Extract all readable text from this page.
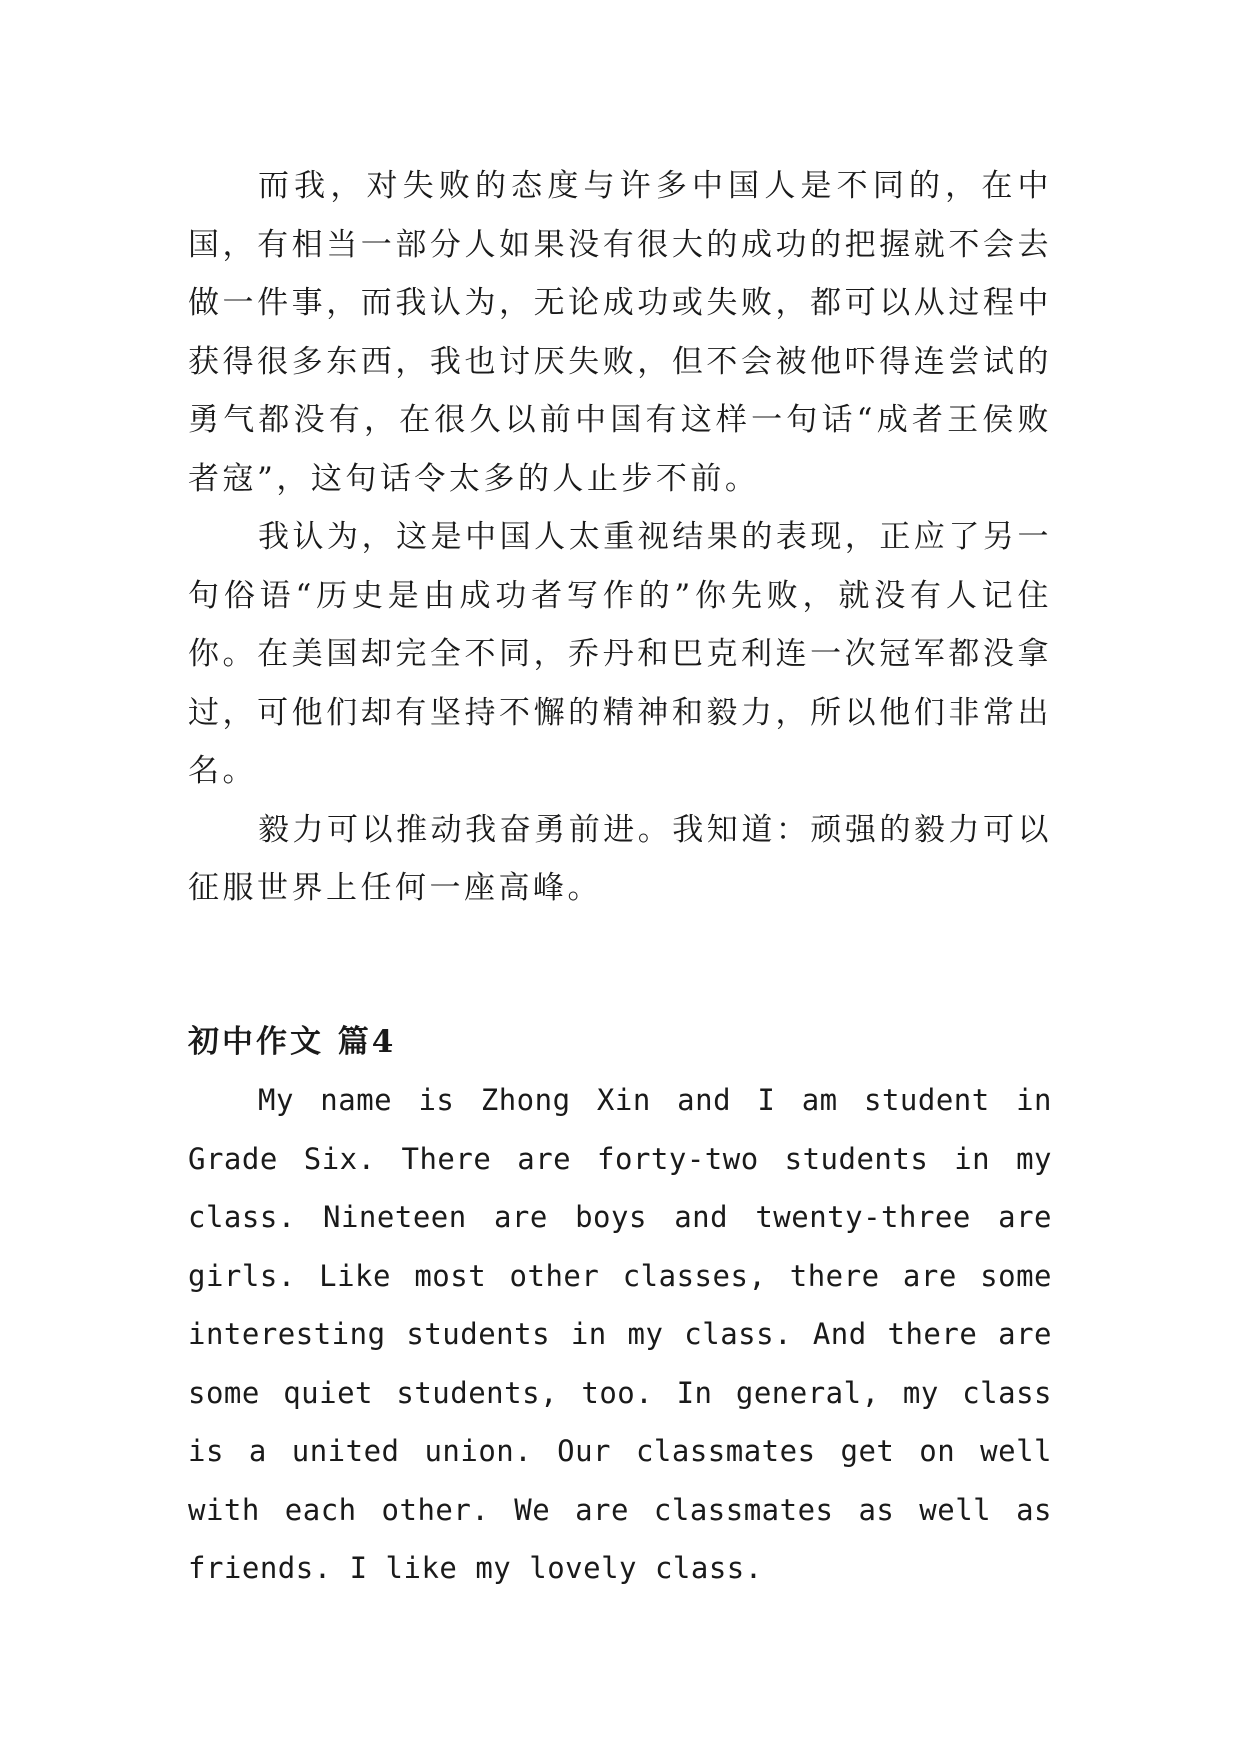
而我，对失败的态度与许多中国人是不同的，在中国，有相当一部分人如果没有很大的成功的把握就不会去做一件事，而我认为，无论成功或失败，都可以从过程中获得很多东西，我也讨厌失败，但不会被他吓得连尝试的勇气都没有，在很久以前中国有这样一句话“成者王侯败者寇”，这句话令太多的人止步不前。

我认为，这是中国人太重视结果的表现，正应了另一句俗语“历史是由成功者写作的”你先败，就没有人记住你。在美国却完全不同，乔丹和巴克利连一次冠军都没拿过，可他们却有坚持不懈的精神和毅力，所以他们非常出名。

毅力可以推动我奋勇前进。我知道：顽强的毅力可以征服世界上任何一座高峰。

初中作文 篇4

My name is Zhong Xin and I am student in Grade Six. There are forty-two students in my class. Nineteen are boys and twenty-three are girls. Like most other classes, there are some interesting students in my class. And there are some quiet students, too. In general, my class is a united union. Our classmates get on well with each other. We are classmates as well as friends. I like my lovely class.
